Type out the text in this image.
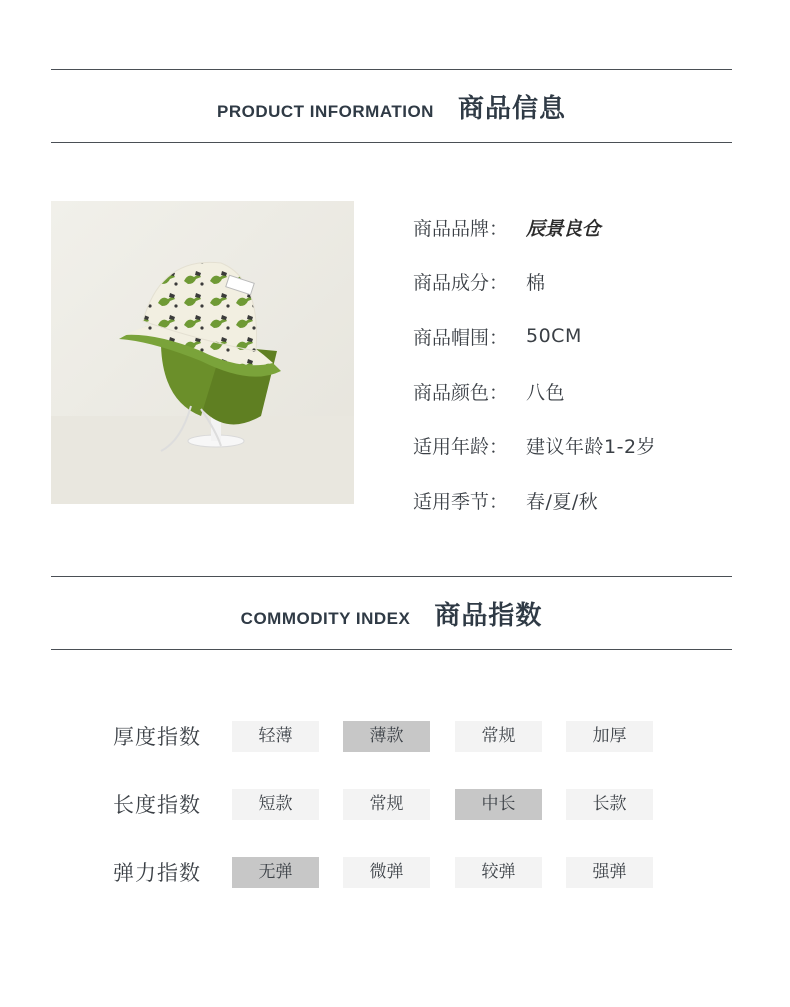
PRODUCT INFORMATION 商品信息
商品品牌： 辰景良仓
商品成分： 棉
商品帽围： 50CM
商品颜色： 八色
适用年龄： 建议年龄1-2岁
适用季节： 春/夏/秋
COMMODITY INDEX 商品指数
厚度指数	轻薄	薄款	常规	加厚
长度指数	短款	常规	中长	长款
弹力指数	无弹	微弹	较弹	强弹
